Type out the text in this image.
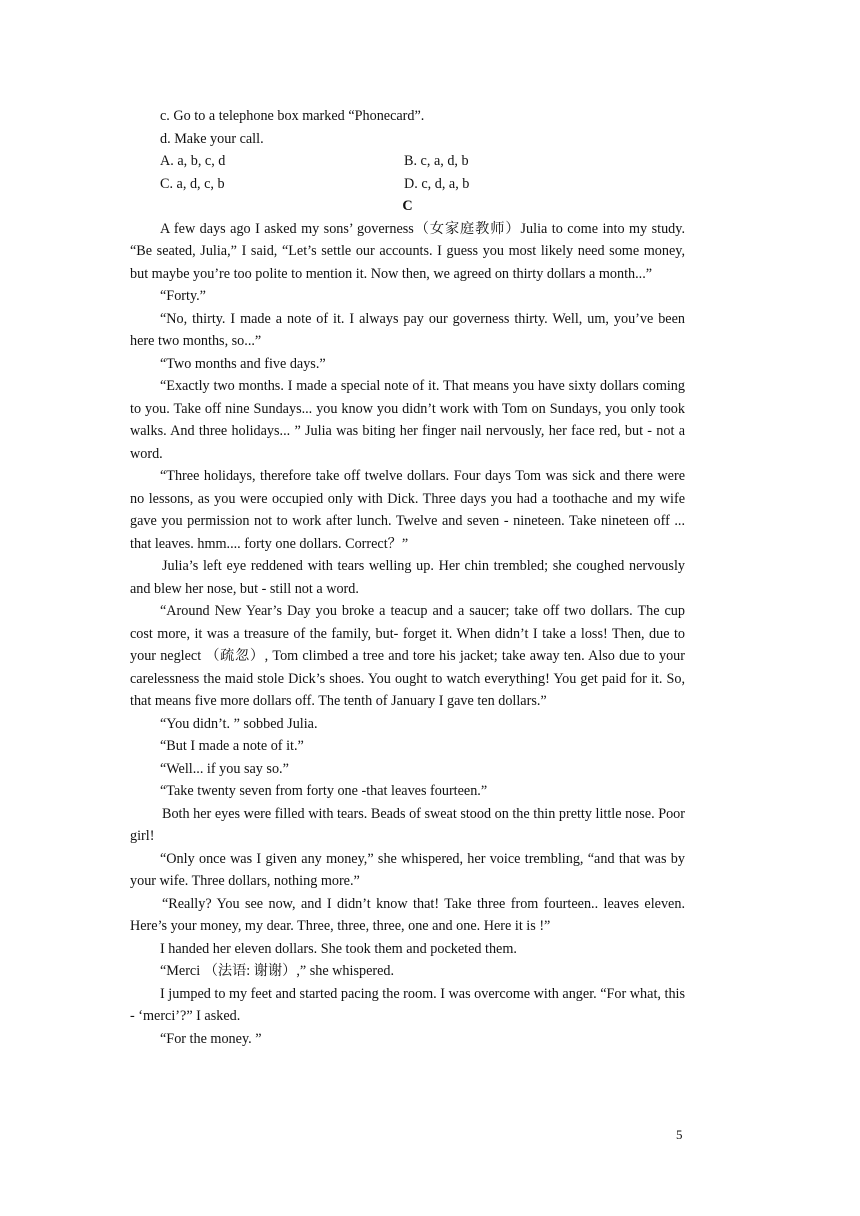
c. Go to a telephone box marked “Phonecard”.
d. Make your call.
A. a, b, c, d	B. c, a, d, b
C. a, d, c, b	D. c, d, a, b
C

A few days ago I asked my sons’ governess（女家庭教师）Julia to come into my study. “Be seated, Julia,” I said, “Let’s settle our accounts. I guess you most likely need some money, but maybe you’re too polite to mention it. Now then, we agreed on thirty dollars a month...”

“Forty.”

“No, thirty. I made a note of it. I always pay our governess thirty. Well, um, you’ve been here two months, so...”

“Two months and five days.”

“Exactly two months. I made a special note of it. That means you have sixty dollars coming to you. Take off nine Sundays... you know you didn’t work with Tom on Sundays, you only took walks. And three holidays... ” Julia was biting her finger nail nervously, her face red, but - not a word.

“Three holidays, therefore take off twelve dollars. Four days Tom was sick and there were no lessons, as you were occupied only with Dick. Three days you had a toothache and my wife gave you permission not to work after lunch. Twelve and seven - nineteen. Take nineteen off ... that leaves. hmm.... forty one dollars. Correct？”

Julia’s left eye reddened with tears welling up. Her chin trembled; she coughed nervously and blew her nose, but - still not a word.

“Around New Year’s Day you broke a teacup and a saucer; take off two dollars. The cup cost more, it was a treasure of the family, but- forget it. When didn’t I take a loss! Then, due to your neglect （疏忽）, Tom climbed a tree and tore his jacket; take away ten. Also due to your carelessness the maid stole Dick’s shoes. You ought to watch everything! You get paid for it. So, that means five more dollars off. The tenth of January I gave ten dollars.”

“You didn’t. ” sobbed Julia.

“But I made a note of it.”

“Well... if you say so.”

“Take twenty seven from forty one -that leaves fourteen.”

Both her eyes were filled with tears. Beads of sweat stood on the thin pretty little nose. Poor girl!

“Only once was I given any money,” she whispered, her voice trembling, “and that was by your wife. Three dollars, nothing more.”

“Really? You see now, and I didn’t know that! Take three from fourteen.. leaves eleven. Here’s your money, my dear. Three, three, three, one and one. Here it is !”

I handed her eleven dollars. She took them and pocketed them.

“Merci （法语: 谢谢）,” she whispered.

I jumped to my feet and started pacing the room. I was overcome with anger. “For what, this - ‘merci’?” I asked.

“For the money. ”

5
